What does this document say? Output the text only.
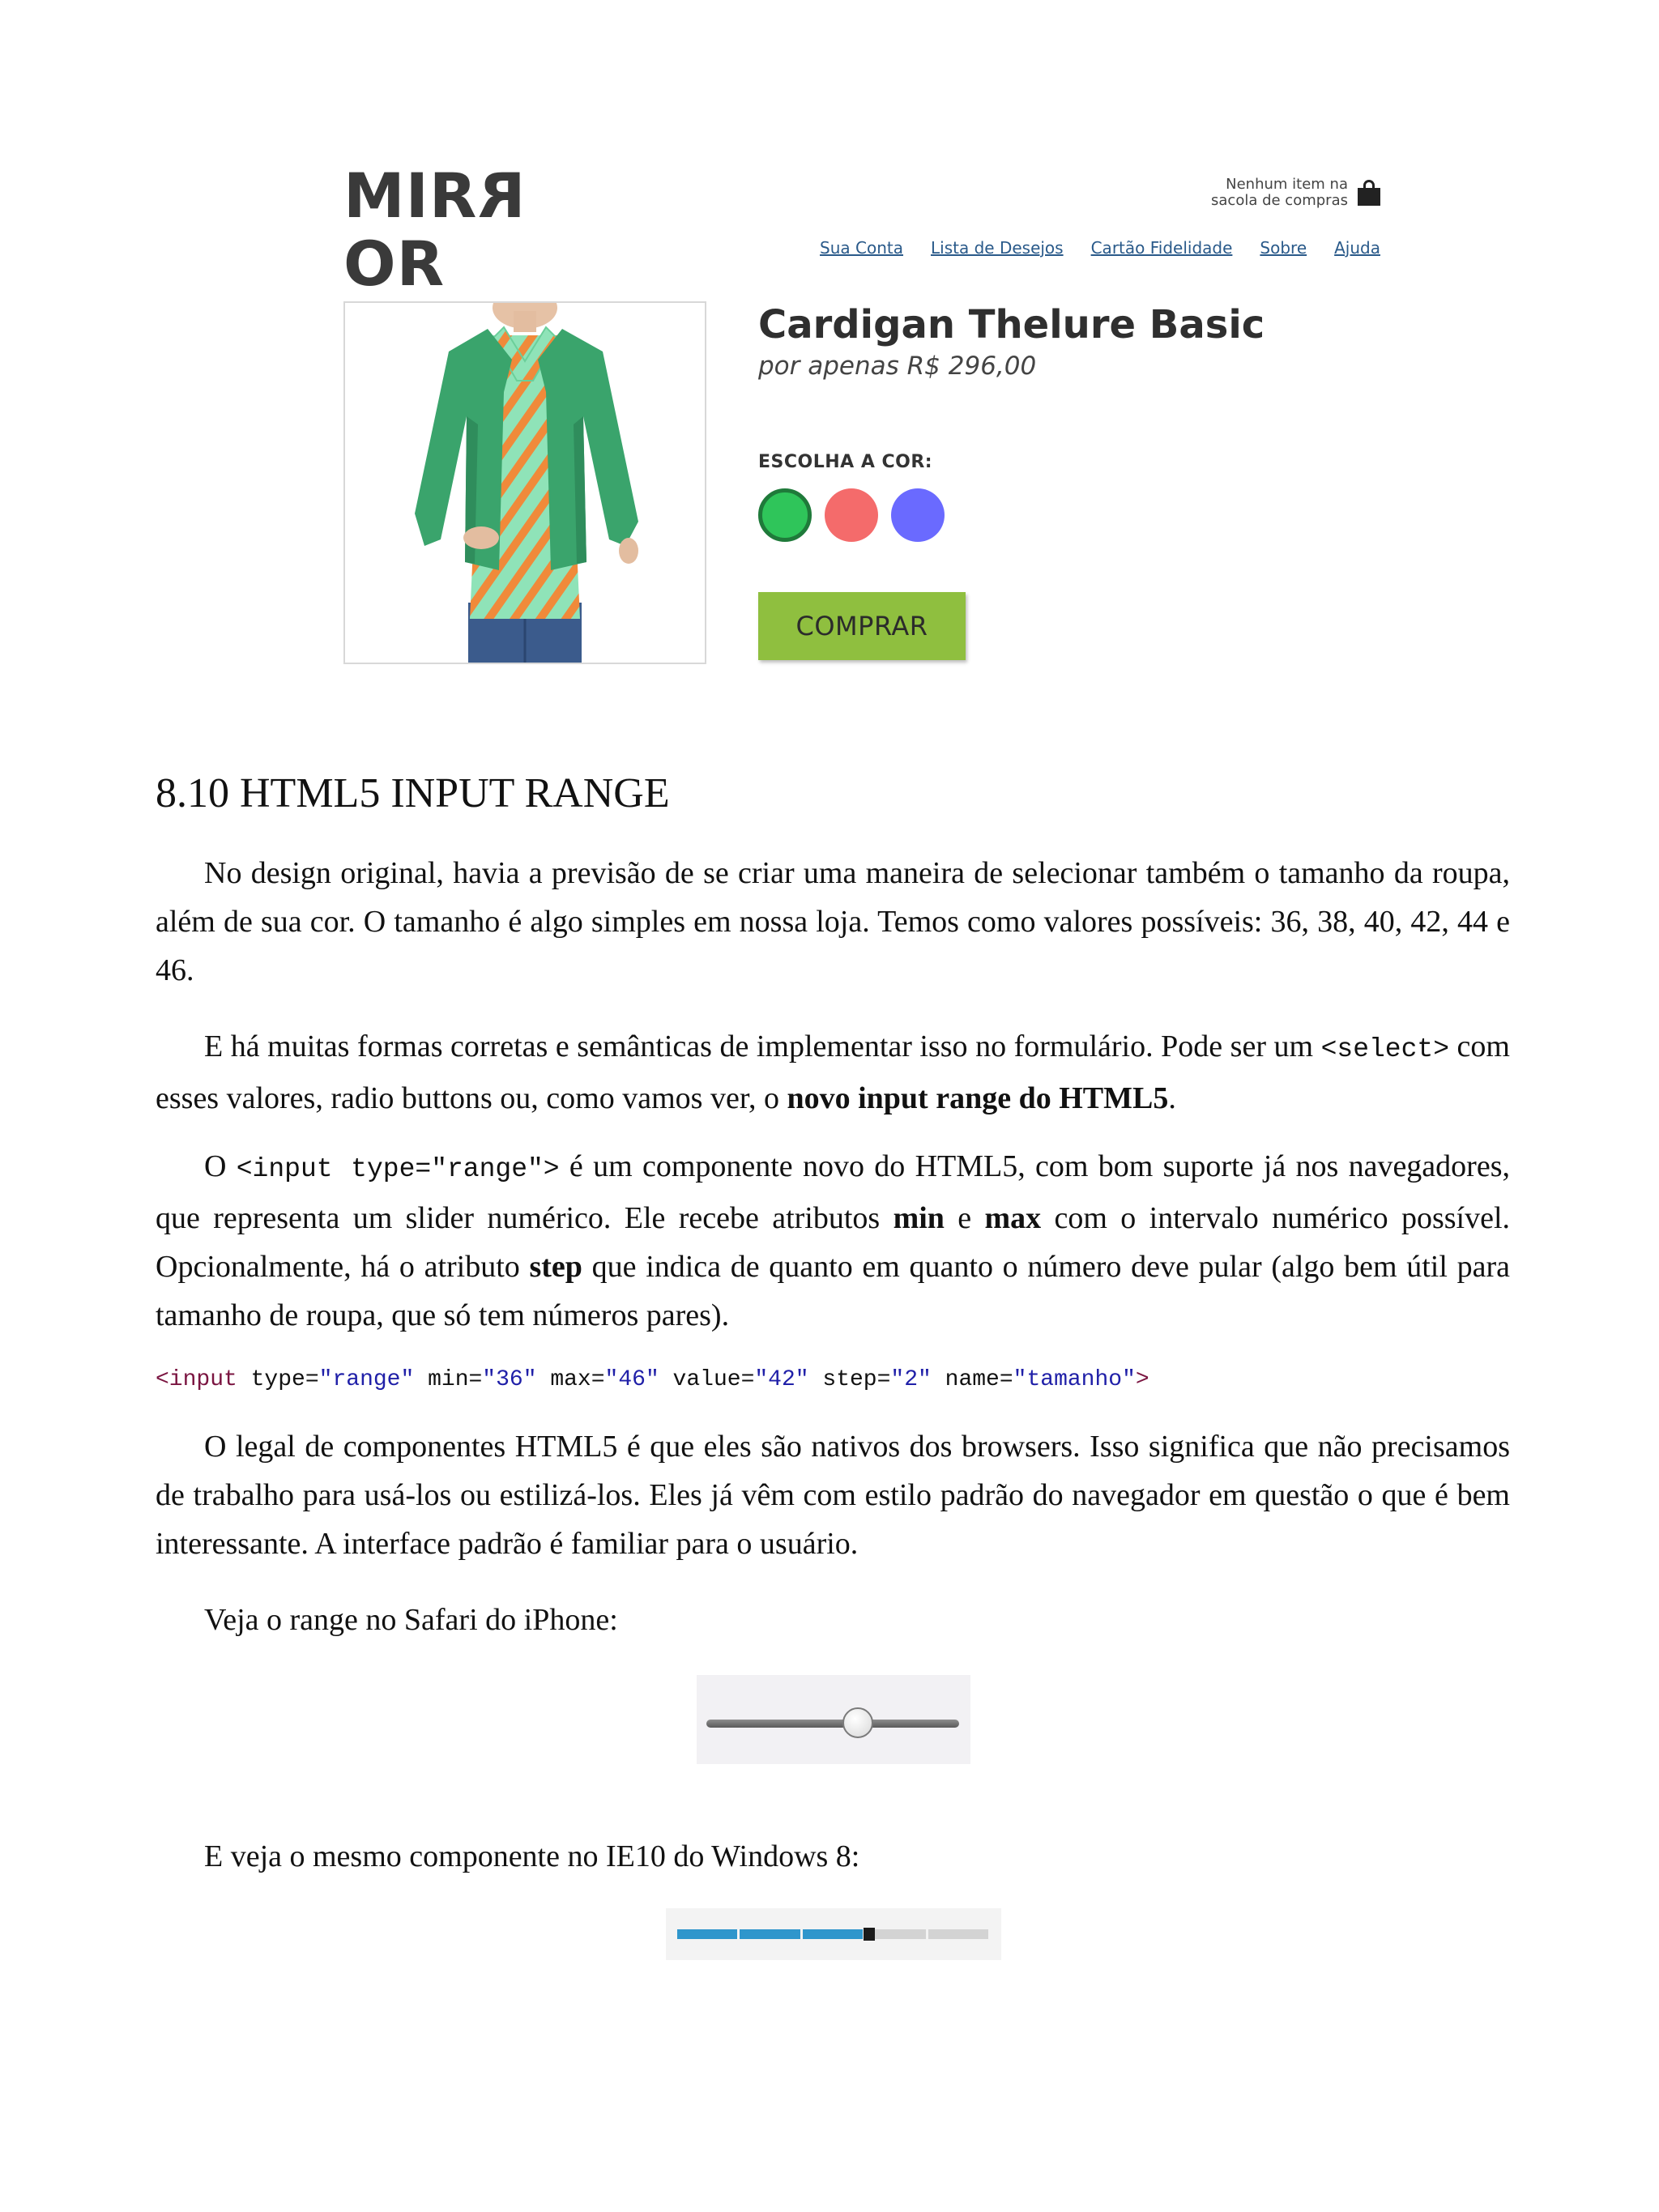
MIRROR
Nenhum item na
sacola de compras
Sua Conta Lista de Desejos Cartão Fidelidade Sobre Ajuda
Cardigan Thelure Basic
por apenas R$ 296,00
ESCOLHA A COR:
COMPRAR
8.10 HTML5 INPUT RANGE

No design original, havia a previsão de se criar uma maneira de selecionar também o tamanho da roupa, além de sua cor. O tamanho é algo simples em nossa loja. Temos como valores possíveis: 36, 38, 40, 42, 44 e 46.

E há muitas formas corretas e semânticas de implementar isso no formulário. Pode ser um <select> com esses valores, radio buttons ou, como vamos ver, o novo input range do HTML5.

O <input type="range"> é um componente novo do HTML5, com bom suporte já nos navegadores, que representa um slider numérico. Ele recebe atributos min e max com o intervalo numérico possível. Opcionalmente, há o atributo step que indica de quanto em quanto o número deve pular (algo bem útil para tamanho de roupa, que só tem números pares).

<input type="range" min="36" max="46" value="42" step="2" name="tamanho">

O legal de componentes HTML5 é que eles são nativos dos browsers. Isso significa que não precisamos de trabalho para usá-los ou estilizá-los. Eles já vêm com estilo padrão do navegador em questão o que é bem interessante. A interface padrão é familiar para o usuário.

Veja o range no Safari do iPhone:

E veja o mesmo componente no IE10 do Windows 8:
